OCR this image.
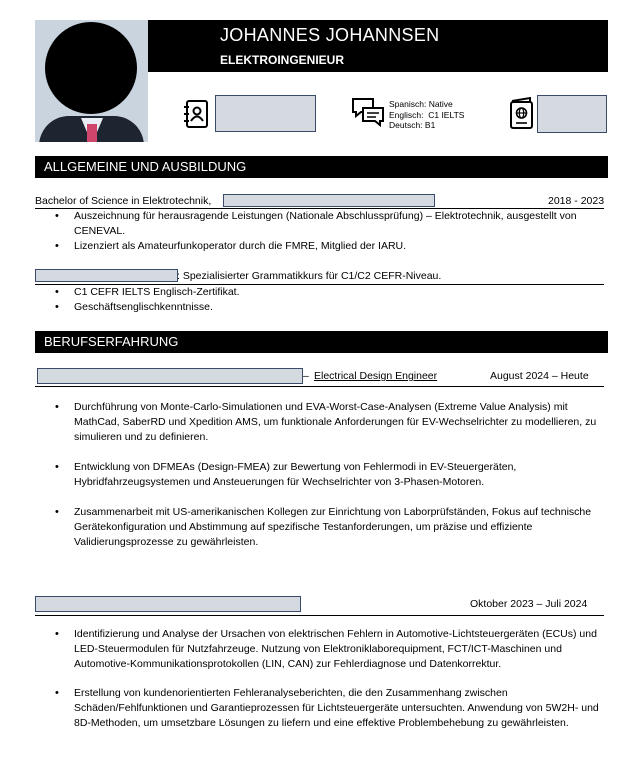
JOHANNES JOHANNSEN
ELEKTROINGENIEUR
Spanisch: Native
Englisch:  C1 IELTS
Deutsch: B1
ALLGEMEINE UND AUSBILDUNG
Bachelor of Science in Elektrotechnik,	2018 - 2023
• Auszeichnung für herausragende Leistungen (Nationale Abschlussprüfung) – Elektrotechnik, ausgestellt von CENEVAL.
• Lizenziert als Amateurfunkoperator durch die FMRE, Mitglied der IARU.
: Spezialisierter Grammatikkurs für C1/C2 CEFR-Niveau.
• C1 CEFR IELTS Englisch-Zertifikat.
• Geschäftsenglischkenntnisse.
BERUFSERFAHRUNG
– Electrical Design Engineer	August 2024 – Heute
• Durchführung von Monte-Carlo-Simulationen und EVA-Worst-Case-Analysen (Extreme Value Analysis) mit MathCad, SaberRD und Xpedition AMS, um funktionale Anforderungen für EV-Wechselrichter zu modellieren, zu simulieren und zu definieren.
• Entwicklung von DFMEAs (Design-FMEA) zur Bewertung von Fehlermodi in EV-Steuergeräten, Hybridfahrzeugsystemen und Ansteuerungen für Wechselrichter von 3-Phasen-Motoren.
• Zusammenarbeit mit US-amerikanischen Kollegen zur Einrichtung von Laborprüfständen, Fokus auf technische Gerätekonfiguration und Abstimmung auf spezifische Testanforderungen, um präzise und effiziente Validierungsprozesse zu gewährleisten.
Oktober 2023 – Juli 2024
• Identifizierung und Analyse der Ursachen von elektrischen Fehlern in Automotive-Lichtsteuergeräten (ECUs) und LED-Steuermodulen für Nutzfahrzeuge. Nutzung von Elektroniklaborequipment, FCT/ICT-Maschinen und Automotive-Kommunikationsprotokollen (LIN, CAN) zur Fehlerdiagnose und Datenkorrektur.
• Erstellung von kundenorientierten Fehleranalyseberichten, die den Zusammenhang zwischen Schäden/Fehlfunktionen und Garantieprozessen für Lichtsteuergeräte untersuchten. Anwendung von 5W2H- und 8D-Methoden, um umsetzbare Lösungen zu liefern und eine effektive Problembehebung zu gewährleisten.
